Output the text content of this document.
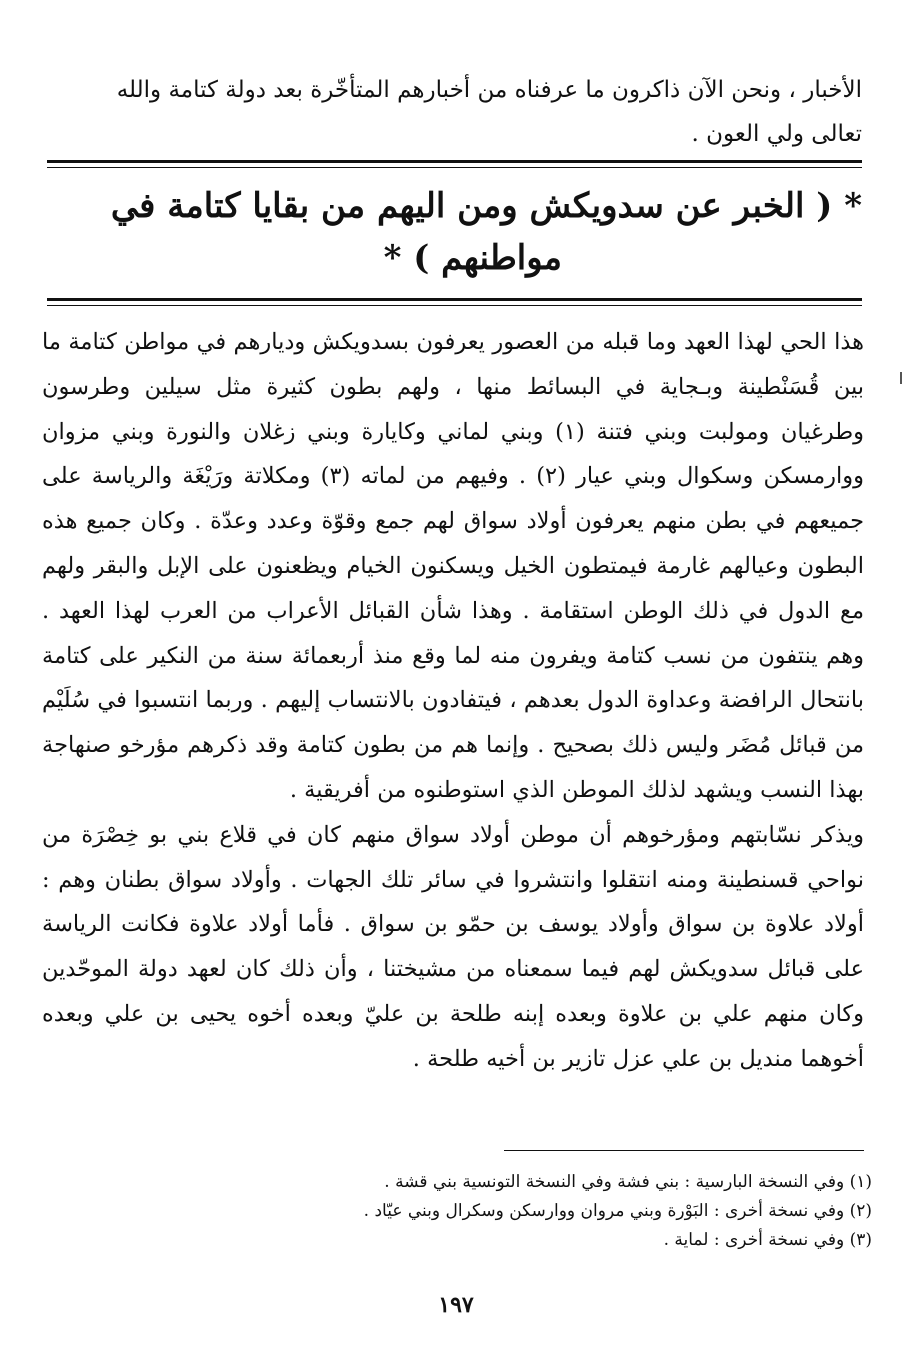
الأخبار ، ونحن الآن ذاكرون ما عرفناه من أخبارهم المتأخّرة بعد دولة كتامة والله
تعالى ولي العون .
* ( الخبر عن سدويكش ومن اليهم من بقايا كتامة في
مواطنهم ) *

هذا الحي لهذا العهد وما قبله من العصور يعرفون بسدويكش وديارهم في مواطن كتامة ما بين قُسَنْطينة وبـجاية في البسائط منها ، ولهم بطون كثيرة مثل سيلين وطرسون وطرغيان ومولبت وبني فتنة (١) وبني لماني وكايارة وبني زغلان والنورة وبني مزوان ووارمسكن وسكوال وبني عيار (٢) . وفيهم من لماته (٣) ومكلاتة ورَيْغَة والرياسة على جميعهم في بطن منهم يعرفون أولاد سواق لهم جمع وقوّة وعدد وعدّة . وكان جميع هذه البطون وعيالهم غارمة فيمتطون الخيل ويسكنون الخيام ويظعنون على الإبل والبقر ولهم مع الدول في ذلك الوطن استقامة . وهذا شأن القبائل الأعراب من العرب لهذا العهد . وهم ينتفون من نسب كتامة ويفرون منه لما وقع منذ أربعمائة سنة من النكير على كتامة بانتحال الرافضة وعداوة الدول بعدهم ، فيتفادون بالانتساب إليهم . وربما انتسبوا في سُلَيْم من قبائل مُضَر وليس ذلك بصحيح . وإنما هم من بطون كتامة وقد ذكرهم مؤرخو صنهاجة بهذا النسب ويشهد لذلك الموطن الذي استوطنوه من أفريقية .

ويذكر نسّابتهم ومؤرخوهم أن موطن أولاد سواق منهم كان في قلاع بني بو خِصْرَة من نواحي قسنطينة ومنه انتقلوا وانتشروا في سائر تلك الجهات . وأولاد سواق بطنان وهم : أولاد علاوة بن سواق وأولاد يوسف بن حمّو بن سواق . فأما أولاد علاوة فكانت الرياسة على قبائل سدويكش لهم فيما سمعناه من مشيختنا ، وأن ذلك كان لعهد دولة الموحّدين وكان منهم علي بن علاوة وبعده إبنه طلحة بن عليّ وبعده أخوه يحيى بن علي وبعده أخوهما منديل بن علي عزل تازير بن أخيه طلحة .

(١) وفي النسخة البارسية : بني فشة وفي النسخة التونسية بني قشة .
(٢) وفي نسخة أخرى : البَوْرة وبني مروان ووارسكن وسكرال وبني عيّاد .
(٣) وفي نسخة أخرى : لماية .
١٩٧
